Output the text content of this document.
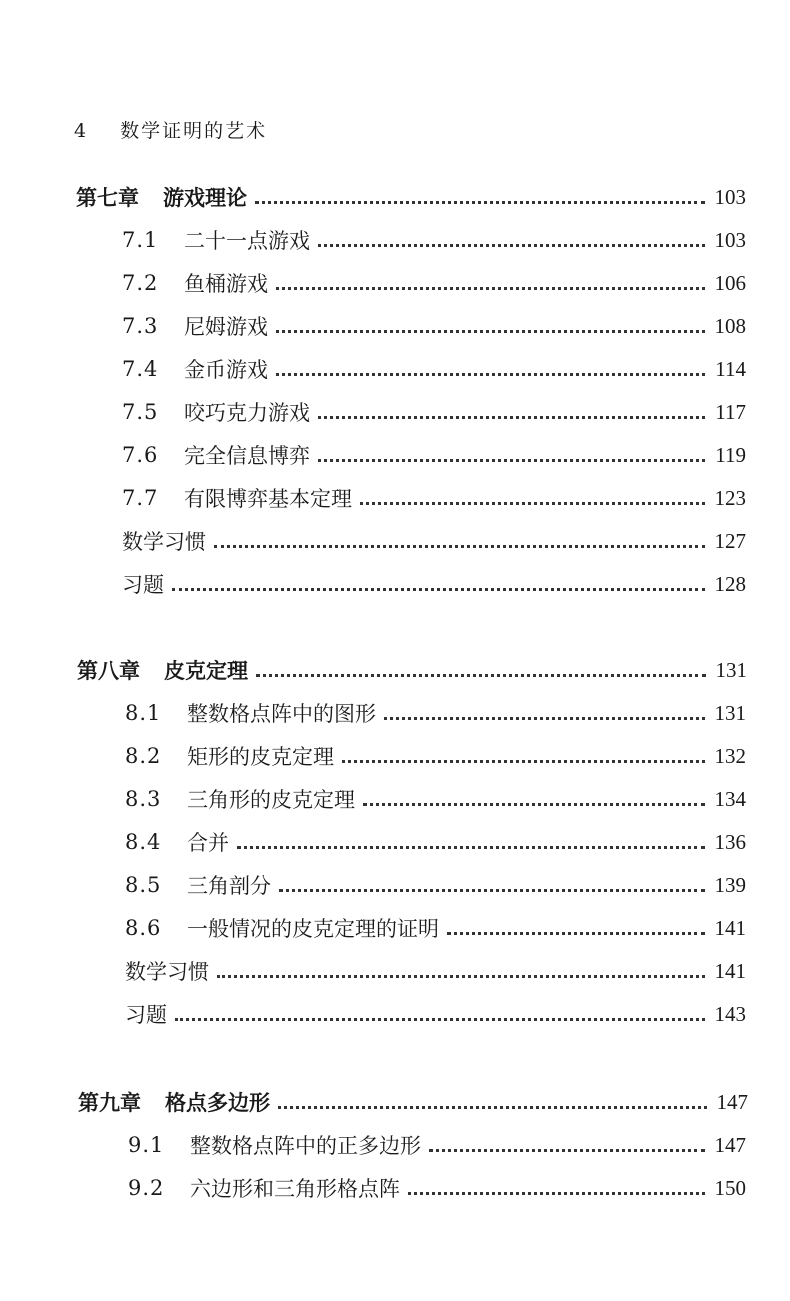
4 数学证明的艺术
第七章 游戏理论	103
7.1	二十一点游戏	103
7.2	鱼桶游戏	106
7.3	尼姆游戏	108
7.4	金币游戏	114
7.5	咬巧克力游戏	117
7.6	完全信息博弈	119
7.7	有限博弈基本定理	123
数学习惯	127
习题	128
第八章 皮克定理	131
8.1	整数格点阵中的图形	131
8.2	矩形的皮克定理	132
8.3	三角形的皮克定理	134
8.4	合并	136
8.5	三角剖分	139
8.6	一般情况的皮克定理的证明	141
数学习惯	141
习题	143
第九章 格点多边形	147
9.1	整数格点阵中的正多边形	147
9.2	六边形和三角形格点阵	150
